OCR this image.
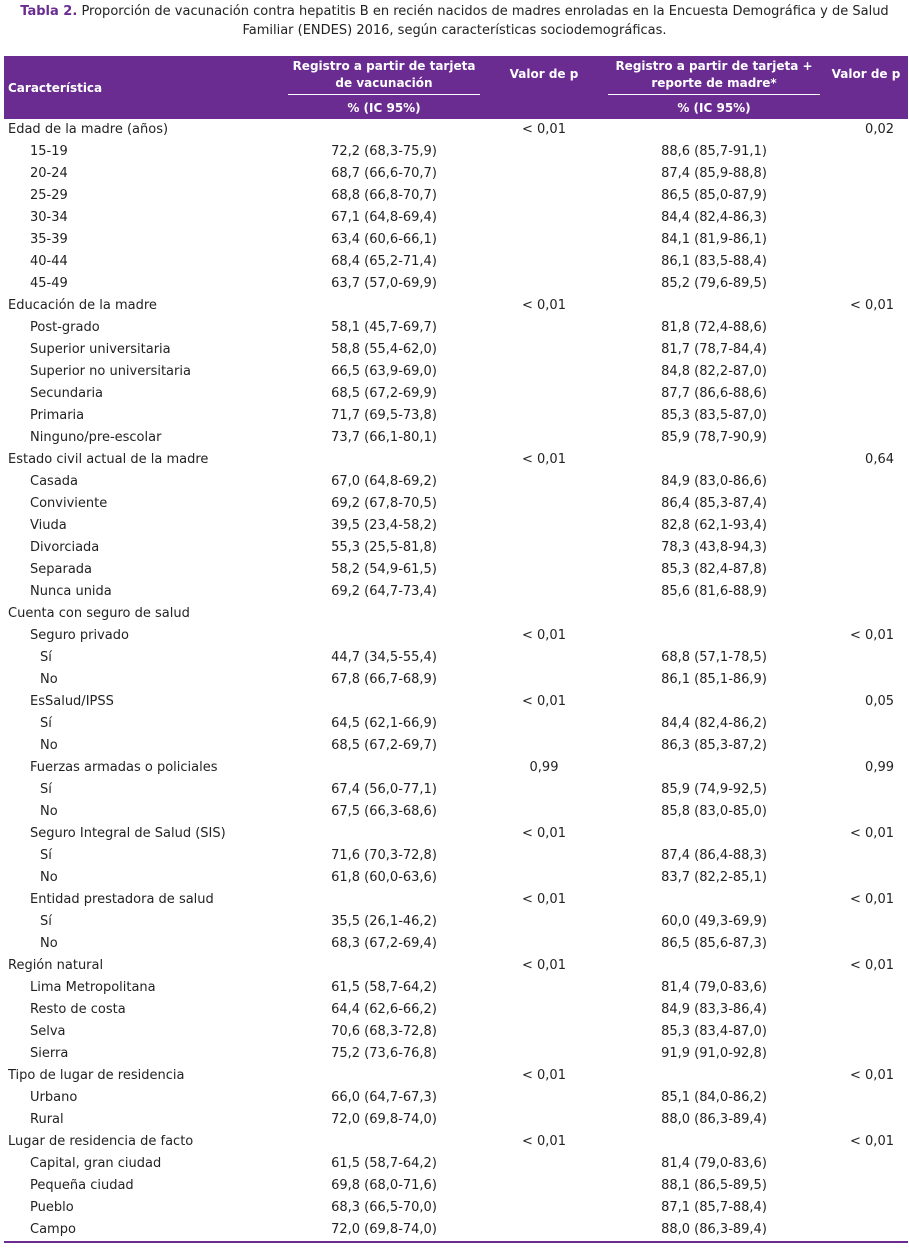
Tabla 2. Proporción de vacunación contra hepatitis B en recién nacidos de madres enroladas en la Encuesta Demográfica y de Salud Familiar (ENDES) 2016, según características sociodemográficas.
Característica	Registro a partir de tarjeta de vacunación	Valor de p	Registro a partir de tarjeta + reporte de madre*	Valor de p
	% (IC 95%)		% (IC 95%)	
Edad de la madre (años)		< 0,01		0,02
15-19	72,2 (68,3-75,9)		88,6 (85,7-91,1)	
20-24	68,7 (66,6-70,7)		87,4 (85,9-88,8)	
25-29	68,8 (66,8-70,7)		86,5 (85,0-87,9)	
30-34	67,1 (64,8-69,4)		84,4 (82,4-86,3)	
35-39	63,4 (60,6-66,1)		84,1 (81,9-86,1)	
40-44	68,4 (65,2-71,4)		86,1 (83,5-88,4)	
45-49	63,7 (57,0-69,9)		85,2 (79,6-89,5)	
Educación de la madre		< 0,01		< 0,01
Post-grado	58,1 (45,7-69,7)		81,8 (72,4-88,6)	
Superior universitaria	58,8 (55,4-62,0)		81,7 (78,7-84,4)	
Superior no universitaria	66,5 (63,9-69,0)		84,8 (82,2-87,0)	
Secundaria	68,5 (67,2-69,9)		87,7 (86,6-88,6)	
Primaria	71,7 (69,5-73,8)		85,3 (83,5-87,0)	
Ninguno/pre-escolar	73,7 (66,1-80,1)		85,9 (78,7-90,9)	
Estado civil actual de la madre		< 0,01		0,64
Casada	67,0 (64,8-69,2)		84,9 (83,0-86,6)	
Conviviente	69,2 (67,8-70,5)		86,4 (85,3-87,4)	
Viuda	39,5 (23,4-58,2)		82,8 (62,1-93,4)	
Divorciada	55,3 (25,5-81,8)		78,3 (43,8-94,3)	
Separada	58,2 (54,9-61,5)		85,3 (82,4-87,8)	
Nunca unida	69,2 (64,7-73,4)		85,6 (81,6-88,9)	
Cuenta con seguro de salud				
Seguro privado		< 0,01		< 0,01
Sí	44,7 (34,5-55,4)		68,8 (57,1-78,5)	
No	67,8 (66,7-68,9)		86,1 (85,1-86,9)	
EsSalud/IPSS		< 0,01		0,05
Sí	64,5 (62,1-66,9)		84,4 (82,4-86,2)	
No	68,5 (67,2-69,7)		86,3 (85,3-87,2)	
Fuerzas armadas o policiales		0,99		0,99
Sí	67,4 (56,0-77,1)		85,9 (74,9-92,5)	
No	67,5 (66,3-68,6)		85,8 (83,0-85,0)	
Seguro Integral de Salud (SIS)		< 0,01		< 0,01
Sí	71,6 (70,3-72,8)		87,4 (86,4-88,3)	
No	61,8 (60,0-63,6)		83,7 (82,2-85,1)	
Entidad prestadora de salud		< 0,01		< 0,01
Sí	35,5 (26,1-46,2)		60,0 (49,3-69,9)	
No	68,3 (67,2-69,4)		86,5 (85,6-87,3)	
Región natural		< 0,01		< 0,01
Lima Metropolitana	61,5 (58,7-64,2)		81,4 (79,0-83,6)	
Resto de costa	64,4 (62,6-66,2)		84,9 (83,3-86,4)	
Selva	70,6 (68,3-72,8)		85,3 (83,4-87,0)	
Sierra	75,2 (73,6-76,8)		91,9 (91,0-92,8)	
Tipo de lugar de residencia		< 0,01		< 0,01
Urbano	66,0 (64,7-67,3)		85,1 (84,0-86,2)	
Rural	72,0 (69,8-74,0)		88,0 (86,3-89,4)	
Lugar de residencia de facto		< 0,01		< 0,01
Capital, gran ciudad	61,5 (58,7-64,2)		81,4 (79,0-83,6)	
Pequeña ciudad	69,8 (68,0-71,6)		88,1 (86,5-89,5)	
Pueblo	68,3 (66,5-70,0)		87,1 (85,7-88,4)	
Campo	72,0 (69,8-74,0)		88,0 (86,3-89,4)	
